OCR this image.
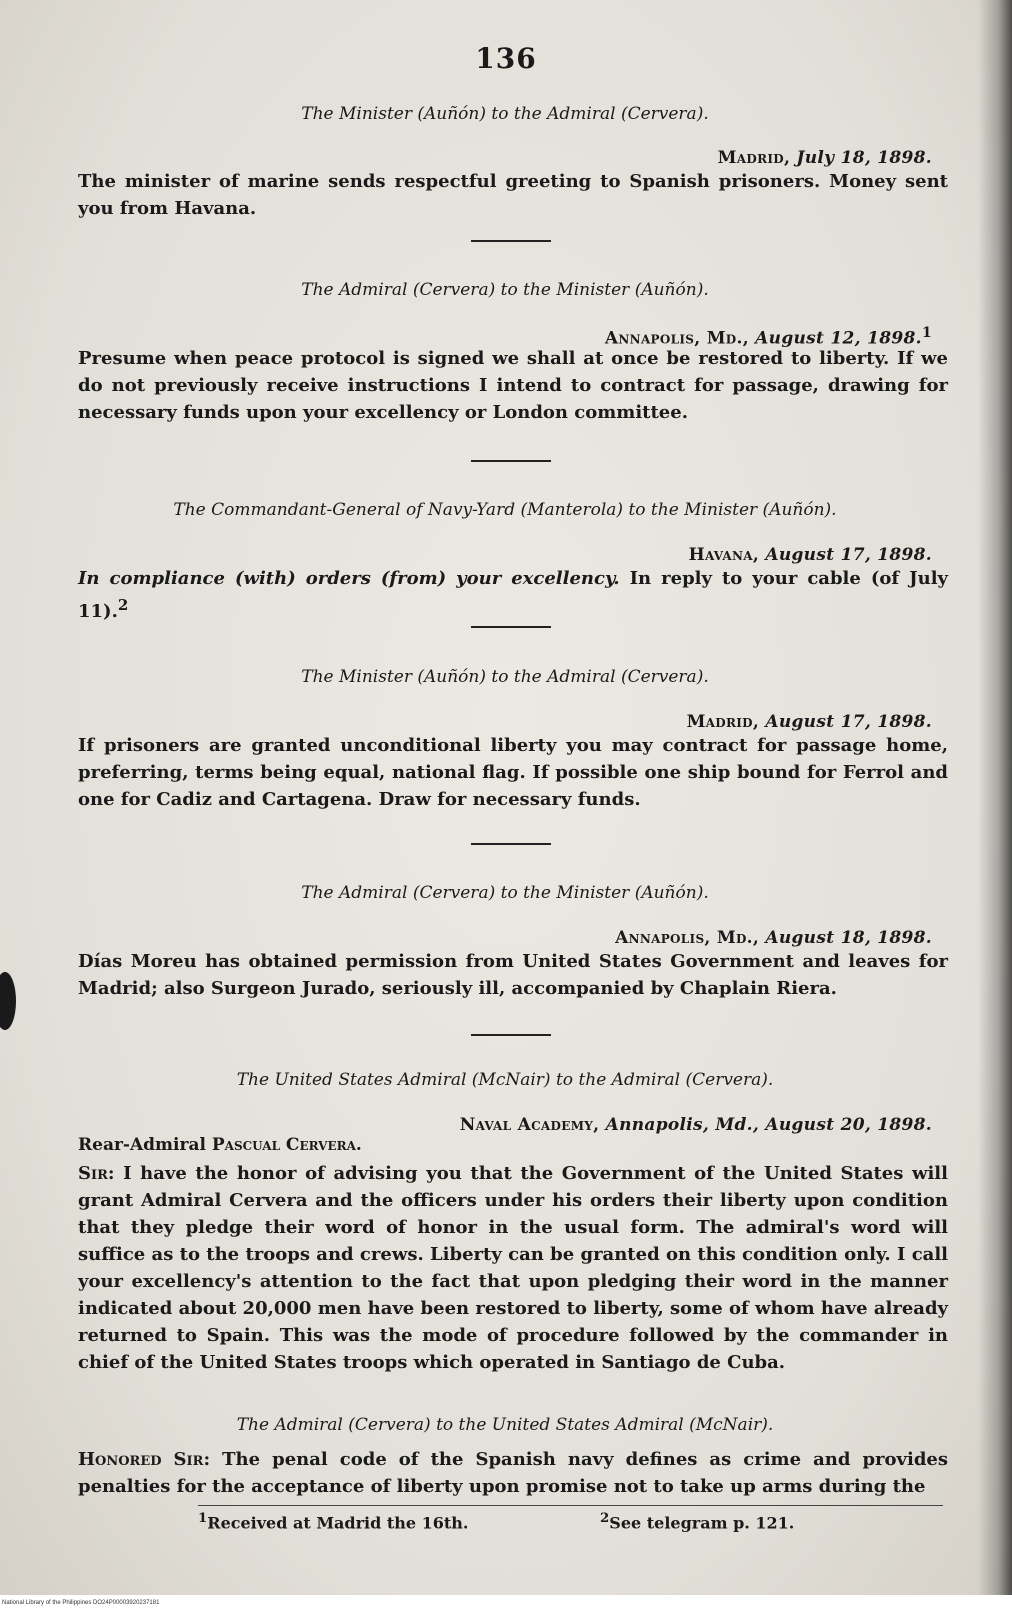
136
The Minister (Auñón) to the Admiral (Cervera).
Madrid, July 18, 1898.

The minister of marine sends respectful greeting to Spanish prisoners. Money sent you from Havana.

The Admiral (Cervera) to the Minister (Auñón).
Annapolis, Md., August 12, 1898.$^1$

Presume when peace protocol is signed we shall at once be restored to liberty. If we do not previously receive instructions I intend to contract for passage, drawing for necessary funds upon your excellency or London committee.

The Commandant-General of Navy-Yard (Manterola) to the Minister (Auñón).
Havana, August 17, 1898.

In compliance (with) orders (from) your excellency. In reply to your cable (of July 11).$^2$

The Minister (Auñón) to the Admiral (Cervera).
Madrid, August 17, 1898.

If prisoners are granted unconditional liberty you may contract for passage home, preferring, terms being equal, national flag. If possible one ship bound for Ferrol and one for Cadiz and Cartagena. Draw for necessary funds.

The Admiral (Cervera) to the Minister (Auñón).
Annapolis, Md., August 18, 1898.

Días Moreu has obtained permission from United States Government and leaves for Madrid; also Surgeon Jurado, seriously ill, accompanied by Chaplain Riera.

The United States Admiral (McNair) to the Admiral (Cervera).
Naval Academy, Annapolis, Md., August 20, 1898.
Rear-Admiral Pascual Cervera.

Sir: I have the honor of advising you that the Government of the United States will grant Admiral Cervera and the officers under his orders their liberty upon condition that they pledge their word of honor in the usual form. The admiral's word will suffice as to the troops and crews. Liberty can be granted on this condition only. I call your excellency's attention to the fact that upon pledging their word in the manner indicated about 20,000 men have been restored to liberty, some of whom have already returned to Spain. This was the mode of procedure followed by the commander in chief of the United States troops which operated in Santiago de Cuba.

The Admiral (Cervera) to the United States Admiral (McNair).

Honored Sir: The penal code of the Spanish navy defines as crime and provides penalties for the acceptance of liberty upon promise not to take up arms during the

$^1$Received at Madrid the 16th.	$^2$See telegram p. 121.
National Library of the Philippines DO24P00003920237181
